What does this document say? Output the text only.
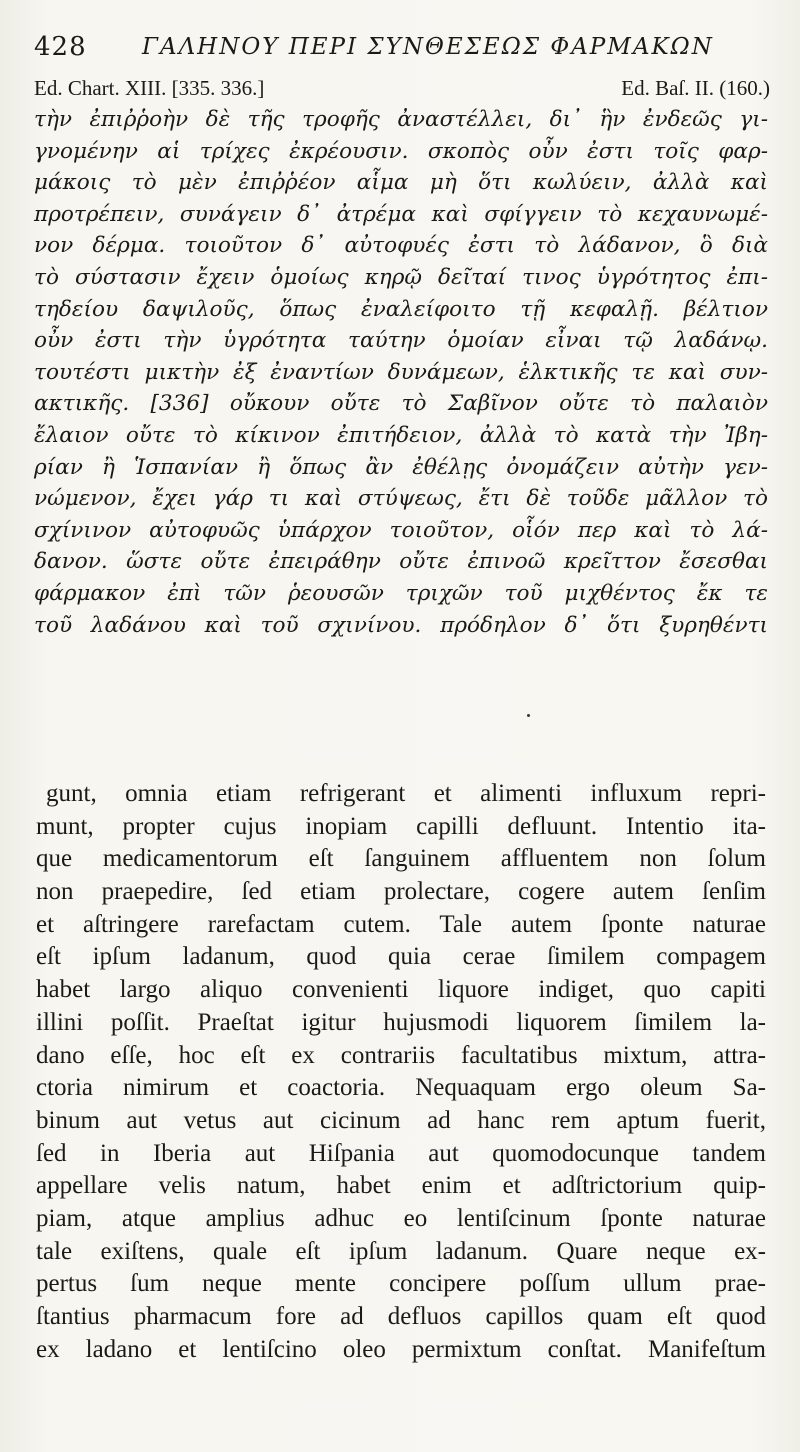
428 ΓΑΛΗΝΟΥ ΠΕΡΙ ΣΥΝΘΕΣΕΩΣ ΦΑΡΜΑΚΩΝ
Ed. Chart. XIII. [335. 336.]	Ed. Baſ. II. (160.)
τὴν ἐπιῤῥοὴν δὲ τῆς τροφῆς ἀναστέλλει, δι᾽ ἣν ἐνδεῶς γι-
γνομένην αἱ τρίχες ἐκρέουσιν. σκοπὸς οὖν ἐστι τοῖς φαρ-
μάκοις τὸ μὲν ἐπιῤῥέον αἷμα μὴ ὅτι κωλύειν, ἀλλὰ καὶ
προτρέπειν, συνάγειν δ᾽ ἀτρέμα καὶ σφίγγειν τὸ κεχαυνωμέ-
νον δέρμα. τοιοῦτον δ᾽ αὐτοφυές ἐστι τὸ λάδανον, ὃ διὰ
τὸ σύστασιν ἔχειν ὁμοίως κηρῷ δεῖταί τινος ὑγρότητος ἐπι-
τηδείου δαψιλοῦς, ὅπως ἐναλείφοιτο τῇ κεφαλῇ. βέλτιον
οὖν ἐστι τὴν ὑγρότητα ταύτην ὁμοίαν εἶναι τῷ λαδάνῳ.
τουτέστι μικτὴν ἐξ ἐναντίων δυνάμεων, ἑλκτικῆς τε καὶ συν-
ακτικῆς. [336] οὔκουν οὔτε τὸ Σαβῖνον οὔτε τὸ παλαιὸν
ἔλαιον οὔτε τὸ κίκινον ἐπιτήδειον, ἀλλὰ τὸ κατὰ τὴν Ἰβη-
ρίαν ἢ Ἱσπανίαν ἢ ὅπως ἂν ἐθέλῃς ὀνομάζειν αὐτὴν γεν-
νώμενον, ἔχει γάρ τι καὶ στύψεως, ἔτι δὲ τοῦδε μᾶλλον τὸ
σχίνινον αὐτοφυῶς ὑπάρχον τοιοῦτον, οἷόν περ καὶ τὸ λά-
δανον. ὥστε οὔτε ἐπειράθην οὔτε ἐπινοῶ κρεῖττον ἔσεσθαι
φάρμακον ἐπὶ τῶν ῥεουσῶν τριχῶν τοῦ μιχθέντος ἔκ τε
τοῦ λαδάνου καὶ τοῦ σχινίνου. πρόδηλον δ᾽ ὅτι ξυρηθέντι
gunt, omnia etiam refrigerant et alimenti influxum repri-
munt, propter cujus inopiam capilli defluunt. Intentio ita-
que medicamentorum eſt ſanguinem affluentem non ſolum
non praepedire, ſed etiam prolectare, cogere autem ſenſim
et aſtringere rarefactam cutem. Tale autem ſponte naturae
eſt ipſum ladanum, quod quia cerae ſimilem compagem
habet largo aliquo convenienti liquore indiget, quo capiti
illini poſſit. Praeſtat igitur hujusmodi liquorem ſimilem la-
dano eſſe, hoc eſt ex contrariis facultatibus mixtum, attra-
ctoria nimirum et coactoria. Nequaquam ergo oleum Sa-
binum aut vetus aut cicinum ad hanc rem aptum fuerit,
ſed in Iberia aut Hiſpania aut quomodocunque tandem
appellare velis natum, habet enim et adſtrictorium quip-
piam, atque amplius adhuc eo lentiſcinum ſponte naturae
tale exiſtens, quale eſt ipſum ladanum. Quare neque ex-
pertus ſum neque mente concipere poſſum ullum prae-
ſtantius pharmacum fore ad defluos capillos quam eſt quod
ex ladano et lentiſcino oleo permixtum conſtat. Manifeſtum
